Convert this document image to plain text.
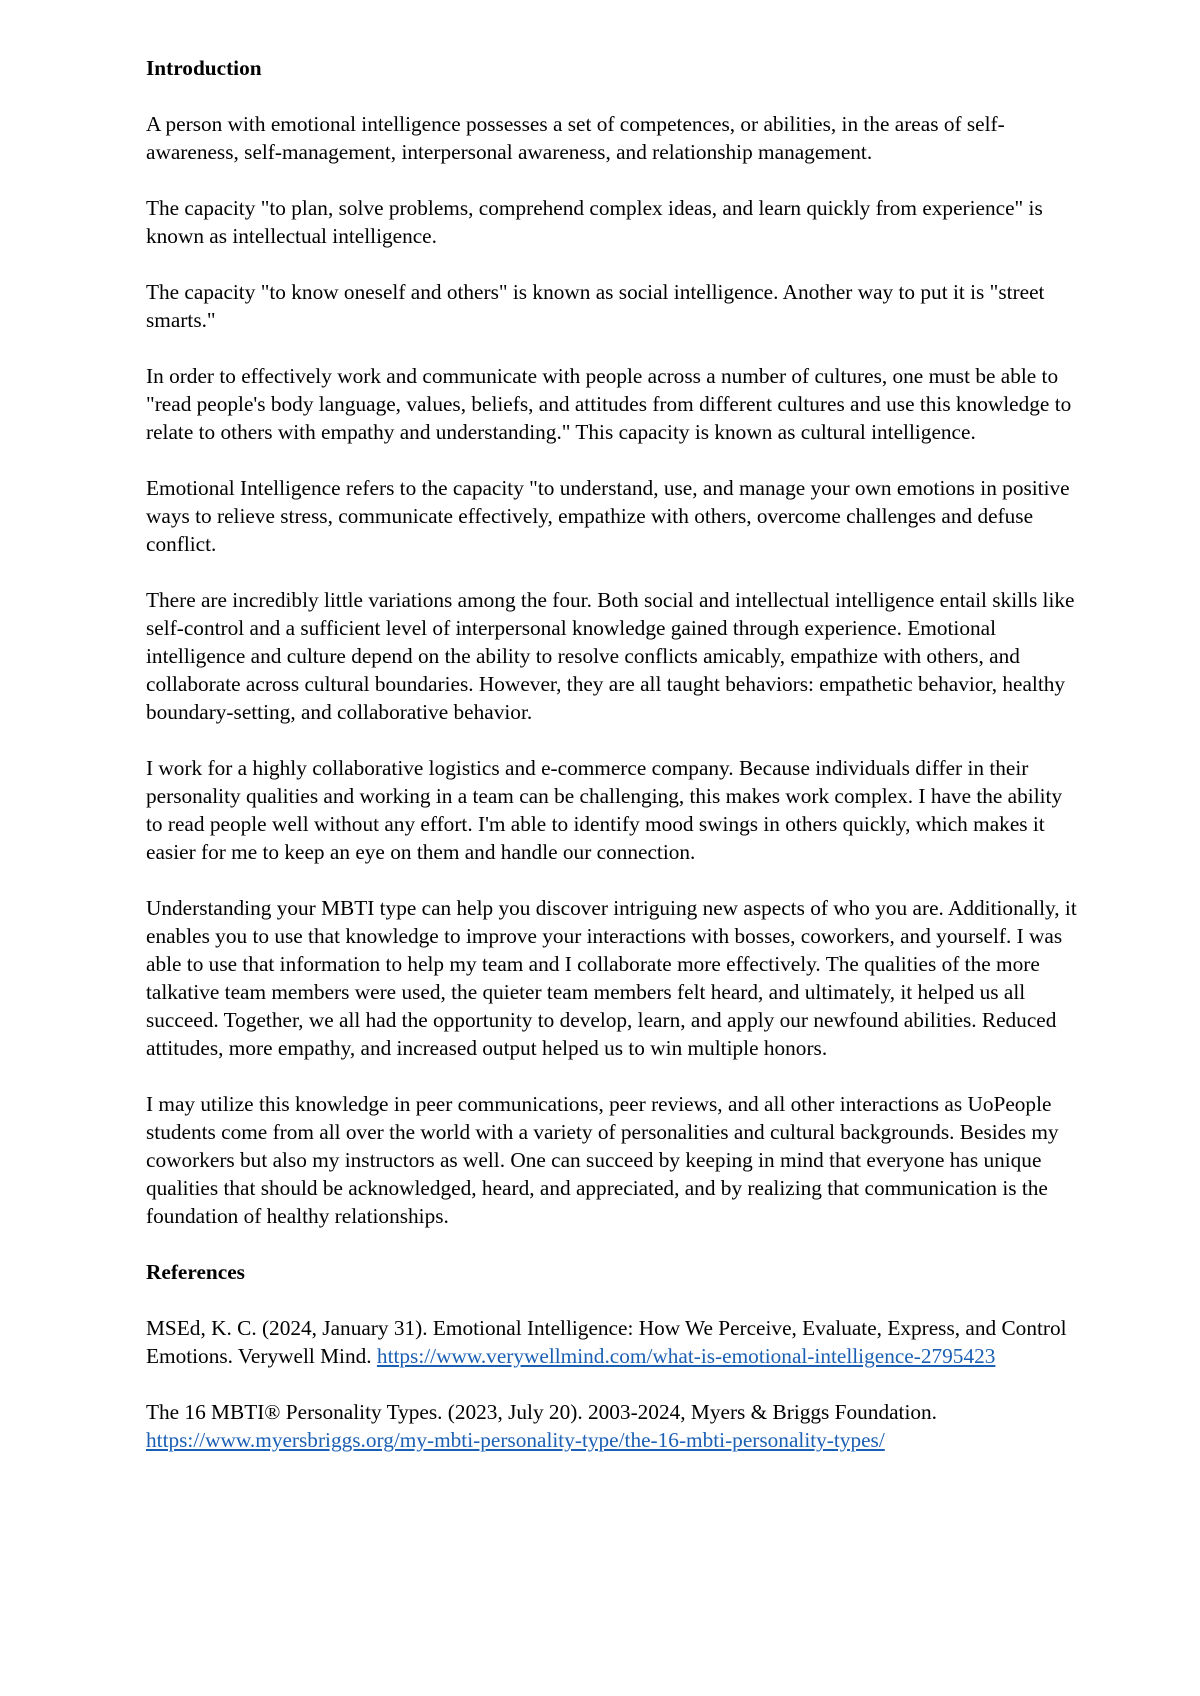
Introduction

A person with emotional intelligence possesses a set of competences, or abilities, in the areas of self-awareness, self-management, interpersonal awareness, and relationship management.

The capacity "to plan, solve problems, comprehend complex ideas, and learn quickly from experience" is known as intellectual intelligence.

The capacity "to know oneself and others" is known as social intelligence. Another way to put it is "street smarts."

In order to effectively work and communicate with people across a number of cultures, one must be able to "read people's body language, values, beliefs, and attitudes from different cultures and use this knowledge to relate to others with empathy and understanding." This capacity is known as cultural intelligence.

Emotional Intelligence refers to the capacity "to understand, use, and manage your own emotions in positive ways to relieve stress, communicate effectively, empathize with others, overcome challenges and defuse conflict.

There are incredibly little variations among the four. Both social and intellectual intelligence entail skills like self-control and a sufficient level of interpersonal knowledge gained through experience. Emotional intelligence and culture depend on the ability to resolve conflicts amicably, empathize with others, and collaborate across cultural boundaries. However, they are all taught behaviors: empathetic behavior, healthy boundary-setting, and collaborative behavior.

I work for a highly collaborative logistics and e-commerce company. Because individuals differ in their personality qualities and working in a team can be challenging, this makes work complex. I have the ability to read people well without any effort. I'm able to identify mood swings in others quickly, which makes it easier for me to keep an eye on them and handle our connection.

Understanding your MBTI type can help you discover intriguing new aspects of who you are. Additionally, it enables you to use that knowledge to improve your interactions with bosses, coworkers, and yourself. I was able to use that information to help my team and I collaborate more effectively. The qualities of the more talkative team members were used, the quieter team members felt heard, and ultimately, it helped us all succeed. Together, we all had the opportunity to develop, learn, and apply our newfound abilities. Reduced attitudes, more empathy, and increased output helped us to win multiple honors.

I may utilize this knowledge in peer communications, peer reviews, and all other interactions as UoPeople students come from all over the world with a variety of personalities and cultural backgrounds. Besides my coworkers but also my instructors as well. One can succeed by keeping in mind that everyone has unique qualities that should be acknowledged, heard, and appreciated, and by realizing that communication is the foundation of healthy relationships.

References

MSEd, K. C. (2024, January 31). Emotional Intelligence: How We Perceive, Evaluate, Express, and Control Emotions. Verywell Mind. https://www.verywellmind.com/what-is-emotional-intelligence-2795423

The 16 MBTI® Personality Types. (2023, July 20). 2003-2024, Myers & Briggs Foundation. https://www.myersbriggs.org/my-mbti-personality-type/the-16-mbti-personality-types/
